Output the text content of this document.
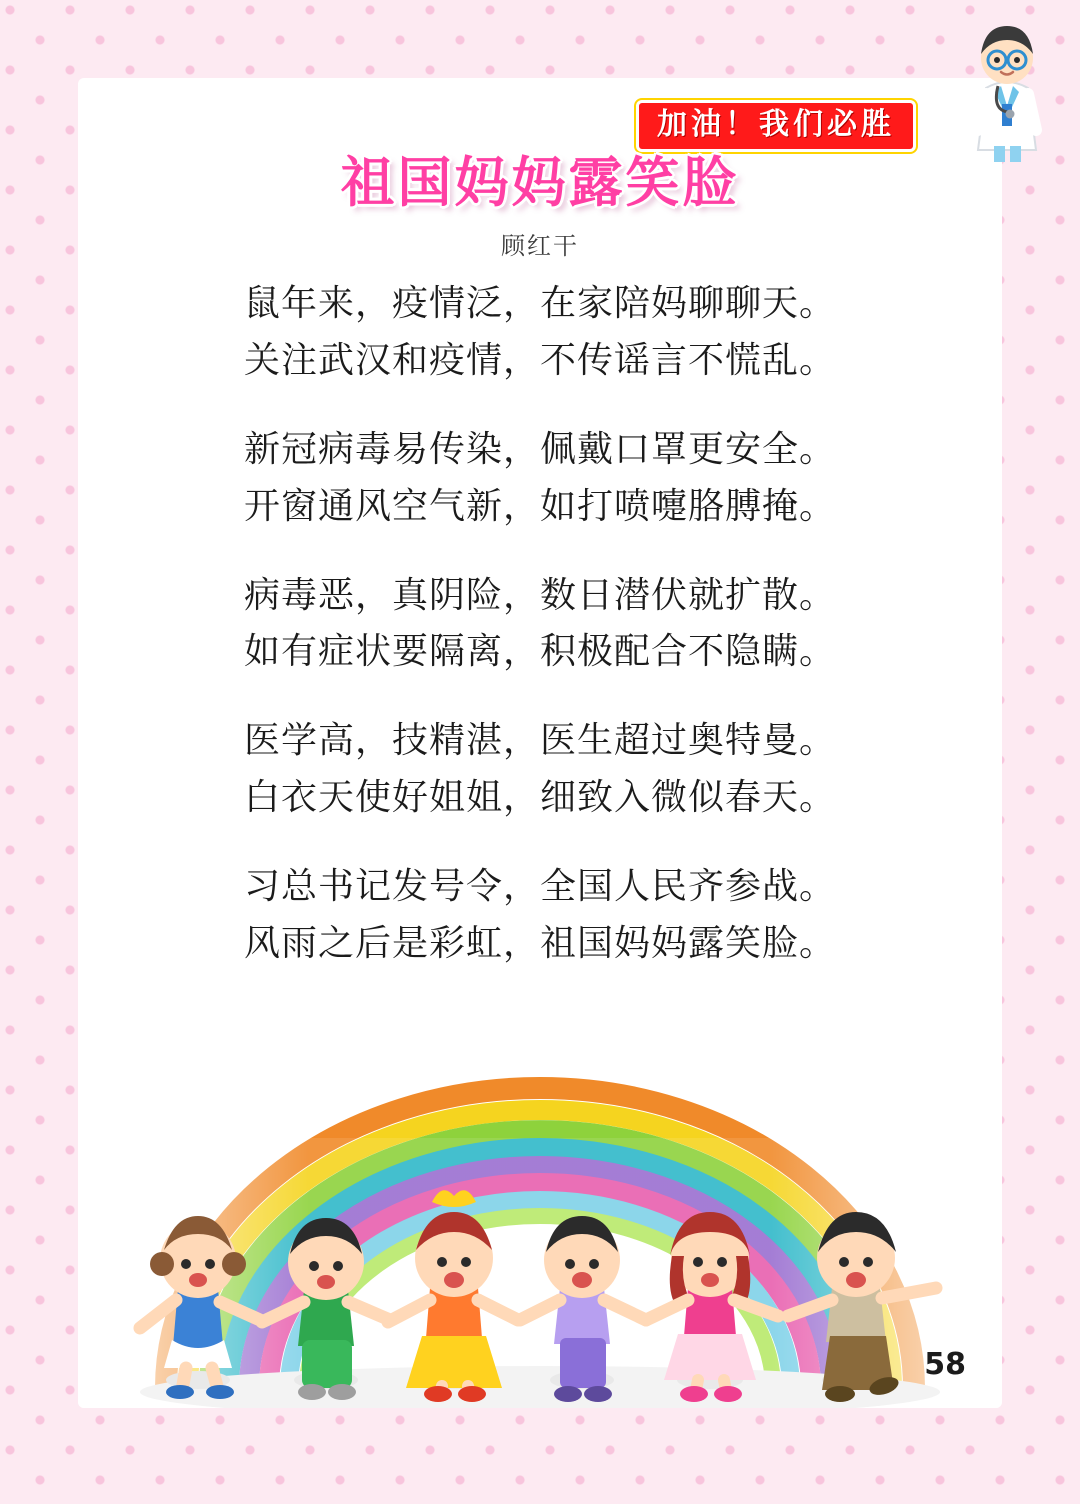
加油！我们必胜
祖国妈妈露笑脸
顾红干
鼠年来，疫情泛，在家陪妈聊聊天。
关注武汉和疫情，不传谣言不慌乱。
新冠病毒易传染，佩戴口罩更安全。
开窗通风空气新，如打喷嚏胳膊掩。
病毒恶，真阴险，数日潜伏就扩散。
如有症状要隔离，积极配合不隐瞒。
医学高，技精湛，医生超过奥特曼。
白衣天使好姐姐，细致入微似春天。
习总书记发号令，全国人民齐参战。
风雨之后是彩虹，祖国妈妈露笑脸。
58
